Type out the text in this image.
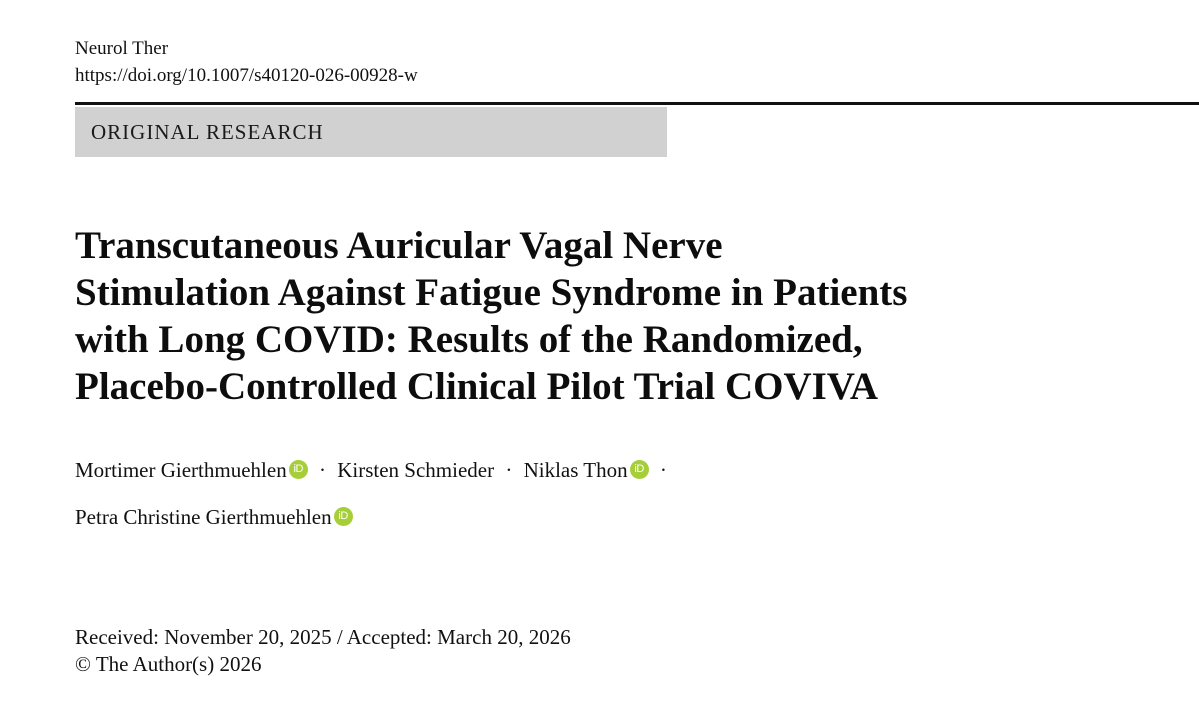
Neurol Ther
https://doi.org/10.1007/s40120-026-00928-w
ORIGINAL RESEARCH
Transcutaneous Auricular Vagal Nerve
Stimulation Against Fatigue Syndrome in Patients
with Long COVID: Results of the Randomized,
Placebo-Controlled Clinical Pilot Trial COVIVA
Mortimer Gierthmuehlen iD · Kirsten Schmieder · Niklas Thon iD ·
Petra Christine Gierthmuehlen iD
Received: November 20, 2025 / Accepted: March 20, 2026
© The Author(s) 2026
